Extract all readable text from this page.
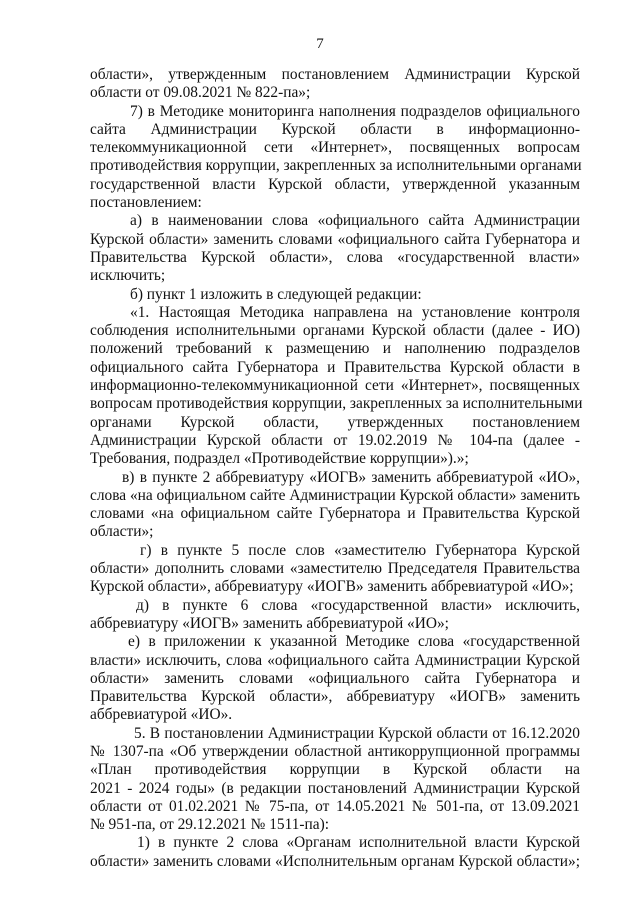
7
области», утвержденным постановлением Администрации Курской
области от 09.08.2021 № 822-па»;
7) в Методике мониторинга наполнения подразделов официального
сайта Администрации Курской области в информационно-
телекоммуникационной сети «Интернет», посвященных вопросам
противодействия коррупции, закрепленных за исполнительными органами
государственной власти Курской области, утвержденной указанным
постановлением:
а) в наименовании слова «официального сайта Администрации
Курской области» заменить словами «официального сайта Губернатора и
Правительства Курской области», слова «государственной власти»
исключить;
б) пункт 1 изложить в следующей редакции:
«1. Настоящая Методика направлена на установление контроля
соблюдения исполнительными органами Курской области (далее - ИО)
положений требований к размещению и наполнению подразделов
официального сайта Губернатора и Правительства Курской области в
информационно-телекоммуникационной сети «Интернет», посвященных
вопросам противодействия коррупции, закрепленных за исполнительными
органами Курской области, утвержденных постановлением
Администрации Курской области от 19.02.2019 № 104-па (далее -
Требования, подраздел «Противодействие коррупции»).»;
в) в пункте 2 аббревиатуру «ИОГВ» заменить аббревиатурой «ИО»,
слова «на официальном сайте Администрации Курской области» заменить
словами «на официальном сайте Губернатора и Правительства Курской
области»;
г) в пункте 5 после слов «заместителю Губернатора Курской
области» дополнить словами «заместителю Председателя Правительства
Курской области», аббревиатуру «ИОГВ» заменить аббревиатурой «ИО»;
д) в пункте 6 слова «государственной власти» исключить,
аббревиатуру «ИОГВ» заменить аббревиатурой «ИО»;
е) в приложении к указанной Методике слова «государственной
власти» исключить, слова «официального сайта Администрации Курской
области» заменить словами «официального сайта Губернатора и
Правительства Курской области», аббревиатуру «ИОГВ» заменить
аббревиатурой «ИО».
5. В постановлении Администрации Курской области от 16.12.2020
№ 1307-па «Об утверждении областной антикоррупционной программы
«План противодействия коррупции в Курской области на
2021 - 2024 годы» (в редакции постановлений Администрации Курской
области от 01.02.2021 № 75-па, от 14.05.2021 № 501-па, от 13.09.2021
№ 951-па, от 29.12.2021 № 1511-па):
1) в пункте 2 слова «Органам исполнительной власти Курской
области» заменить словами «Исполнительным органам Курской области»;
